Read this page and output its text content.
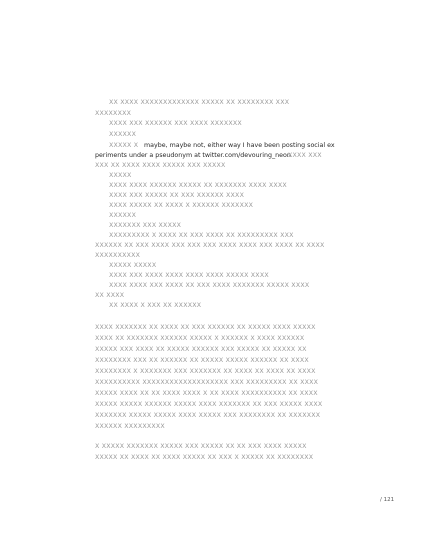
XX XXXX XXXXXXXXXXXXX XXXXX XX XXXXXXXX XXX
XXXXXXXX
XXXX XXX XXXXXX XXX XXXX XXXXXXX
XXXXXX
XXXXX X maybe, maybe not, either way I have been posting social ex
periments under a pseudonym at twitter.com/devouring_neon
XXXX XXX
XXX XX XXXX XXXX XXXXX XXX XXXXX
XXXXX
XXXX XXXX XXXXXX XXXXX XX XXXXXXX XXXX XXXX
XXXX XXX XXXXX XX XXX XXXXXX XXXX
XXXX XXXXX XX XXXX X XXXXXX XXXXXXX
XXXXXX
XXXXXXX XXX XXXXX
XXXXXXXXX X XXXX XX XXX XXXX XX XXXXXXXXX XXX
XXXXXX XX XXX XXXX XXX XXX XXX XXXX XXXX XXX XXXX XX XXXX
XXXXXXXXXX
XXXXX XXXXX
XXXX XXX XXXX XXXX XXXX XXXX XXXXX XXXX
XXXX XXXX XXX XXXX XX XXX XXXX XXXXXXX XXXXX XXXX
XX XXXX
XX XXXX X XXX XX XXXXXX
XXXX XXXXXXX XX XXXX XX XXX XXXXXX XX XXXXX XXXX XXXXX
XXXX XX XXXXXXX XXXXXX XXXXX X XXXXXX X XXXX XXXXXX
XXXXX XXX XXXX XX XXXXX XXXXXX XXX XXXXX XX XXXXX XX
XXXXXXXX XXX XX XXXXXX XX XXXXX XXXXX XXXXXX XX XXXX
XXXXXXXX X XXXXXXX XXX XXXXXXX XX XXXX XX XXXX XX XXXX
XXXXXXXXXX XXXXXXXXXXXXXXXXXXX XXX XXXXXXXXX XX XXXX
XXXXX XXXX XX XX XXXX XXXX X XX XXXX XXXXXXXXXX XX XXXX
XXXXX XXXXX XXXXXX XXXXX XXXX XXXXXXX XX XXX XXXXX XXXX
XXXXXXX XXXXX XXXXX XXXX XXXXX XXX XXXXXXXX XX XXXXXXX
XXXXXX XXXXXXXXX
X XXXXX XXXXXXX XXXXX XXX XXXXX XX XX XXX XXXX XXXXX
XXXXX XX XXXX XX XXXX XXXXX XX XXX X XXXXX XX XXXXXXXX
/ 121
